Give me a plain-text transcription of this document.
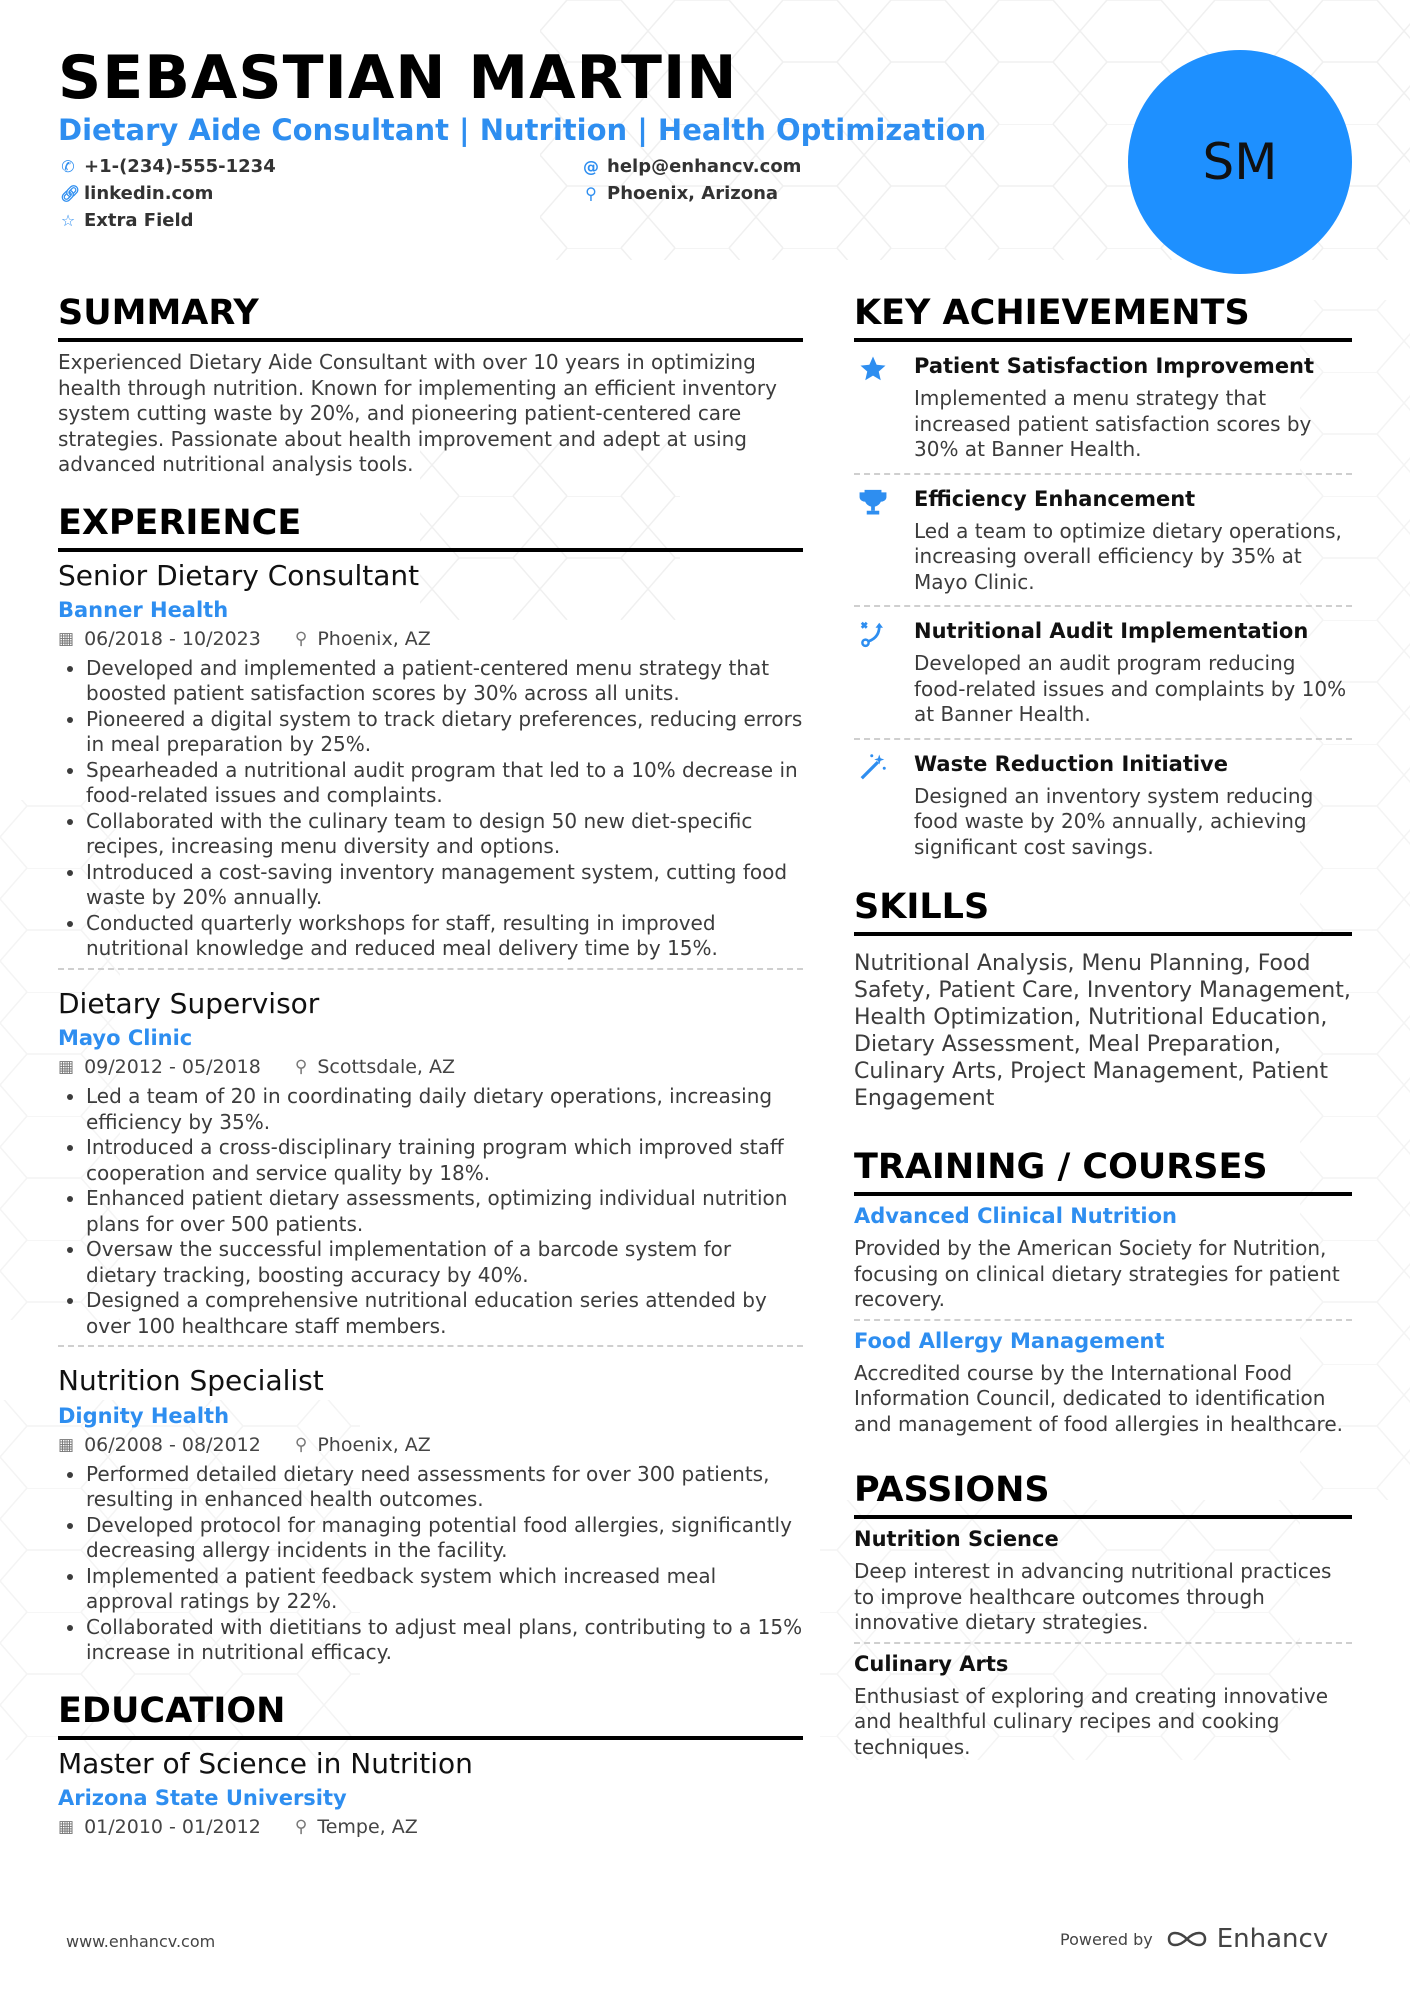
SEBASTIAN MARTIN
Dietary Aide Consultant | Nutrition | Health Optimization
✆ +1-(234)-555-1234	@ help@enhancv.com
🔗︎ linkedin.com	⚲ Phoenix, Arizona
☆ Extra Field
SM
SUMMARY

Experienced Dietary Aide Consultant with over 10 years in optimizing health through nutrition. Known for implementing an efficient inventory system cutting waste by 20%, and pioneering patient-centered care strategies. Passionate about health improvement and adept at using advanced nutritional analysis tools.

EXPERIENCE
Senior Dietary Consultant
Banner Health
▦ 06/2018 - 10/2023 ⚲ Phoenix, AZ
• Developed and implemented a patient-centered menu strategy that boosted patient satisfaction scores by 30% across all units.
• Pioneered a digital system to track dietary preferences, reducing errors in meal preparation by 25%.
• Spearheaded a nutritional audit program that led to a 10% decrease in food-related issues and complaints.
• Collaborated with the culinary team to design 50 new diet-specific recipes, increasing menu diversity and options.
• Introduced a cost-saving inventory management system, cutting food waste by 20% annually.
• Conducted quarterly workshops for staff, resulting in improved nutritional knowledge and reduced meal delivery time by 15%.
Dietary Supervisor
Mayo Clinic
▦ 09/2012 - 05/2018 ⚲ Scottsdale, AZ
• Led a team of 20 in coordinating daily dietary operations, increasing efficiency by 35%.
• Introduced a cross-disciplinary training program which improved staff cooperation and service quality by 18%.
• Enhanced patient dietary assessments, optimizing individual nutrition plans for over 500 patients.
• Oversaw the successful implementation of a barcode system for dietary tracking, boosting accuracy by 40%.
• Designed a comprehensive nutritional education series attended by over 100 healthcare staff members.
Nutrition Specialist
Dignity Health
▦ 06/2008 - 08/2012 ⚲ Phoenix, AZ
• Performed detailed dietary need assessments for over 300 patients, resulting in enhanced health outcomes.
• Developed protocol for managing potential food allergies, significantly decreasing allergy incidents in the facility.
• Implemented a patient feedback system which increased meal approval ratings by 22%.
• Collaborated with dietitians to adjust meal plans, contributing to a 15% increase in nutritional efficacy.
EDUCATION
Master of Science in Nutrition
Arizona State University
▦ 01/2010 - 01/2012 ⚲ Tempe, AZ
KEY ACHIEVEMENTS
Patient Satisfaction Improvement
Implemented a menu strategy that increased patient satisfaction scores by 30% at Banner Health.
Efficiency Enhancement
Led a team to optimize dietary operations, increasing overall efficiency by 35% at Mayo Clinic.
Nutritional Audit Implementation
Developed an audit program reducing food-related issues and complaints by 10% at Banner Health.
Waste Reduction Initiative
Designed an inventory system reducing food waste by 20% annually, achieving significant cost savings.
SKILLS
Nutritional Analysis, Menu Planning, Food Safety, Patient Care, Inventory Management, Health Optimization, Nutritional Education, Dietary Assessment, Meal Preparation, Culinary Arts, Project Management, Patient Engagement
TRAINING / COURSES
Advanced Clinical Nutrition
Provided by the American Society for Nutrition, focusing on clinical dietary strategies for patient recovery.
Food Allergy Management
Accredited course by the International Food Information Council, dedicated to identification and management of food allergies in healthcare.
PASSIONS
Nutrition Science
Deep interest in advancing nutritional practices to improve healthcare outcomes through innovative dietary strategies.
Culinary Arts
Enthusiast of exploring and creating innovative and healthful culinary recipes and cooking techniques.
www.enhancv.com	Powered by Enhancv
